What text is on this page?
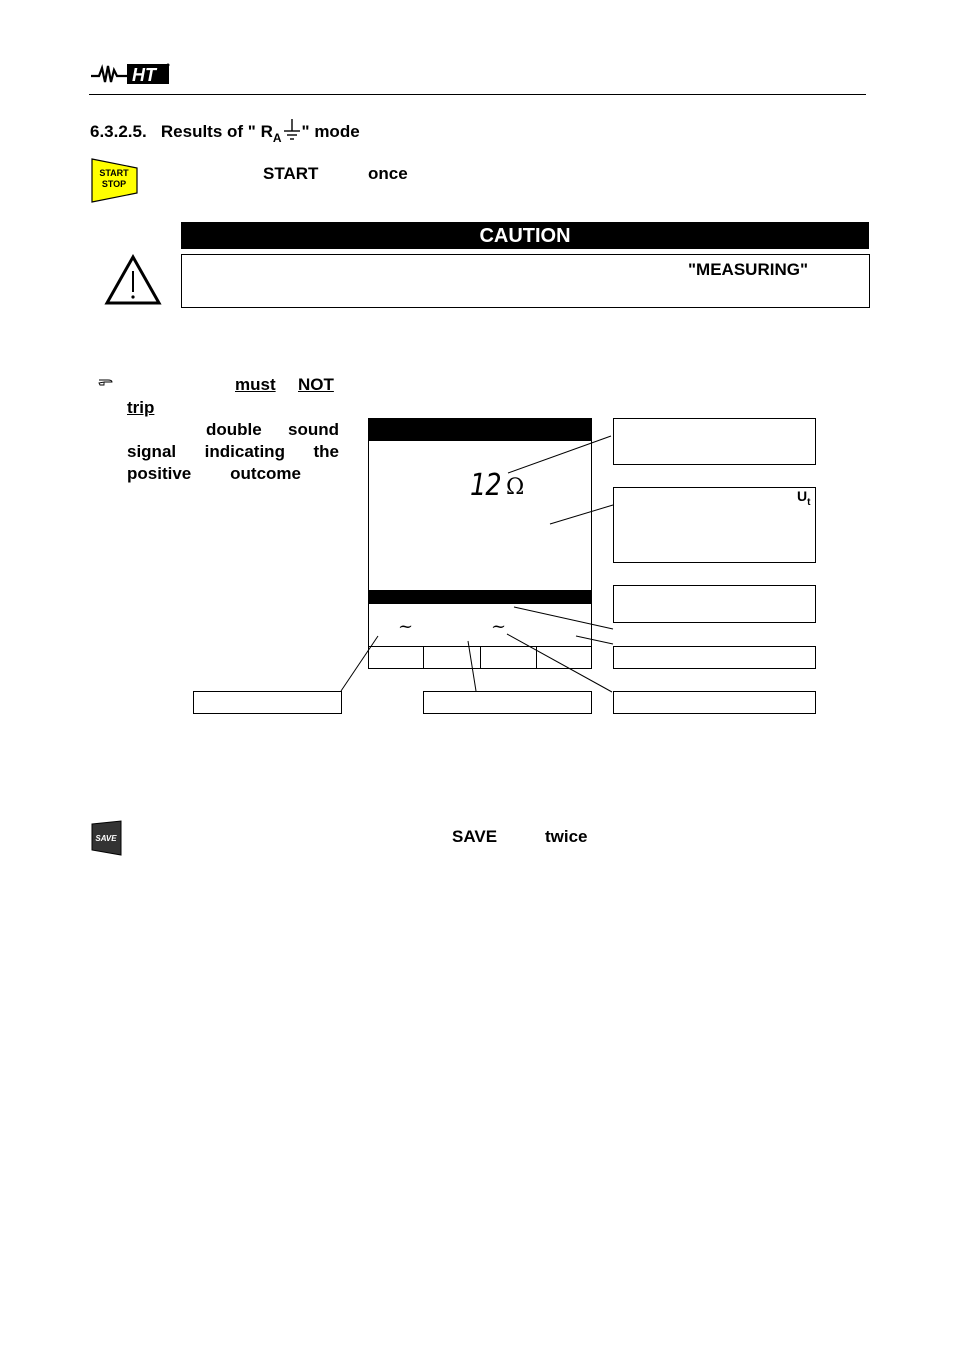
HT
6.3.2.5. Results of " $R_A$ " mode
START
STOP
START	once
CAUTION
"MEASURING"
must NOT
trip
double sound
signal indicating the
positive outcome	12 Ω
~	~
$U_t$
SAVE	SAVE	twice
